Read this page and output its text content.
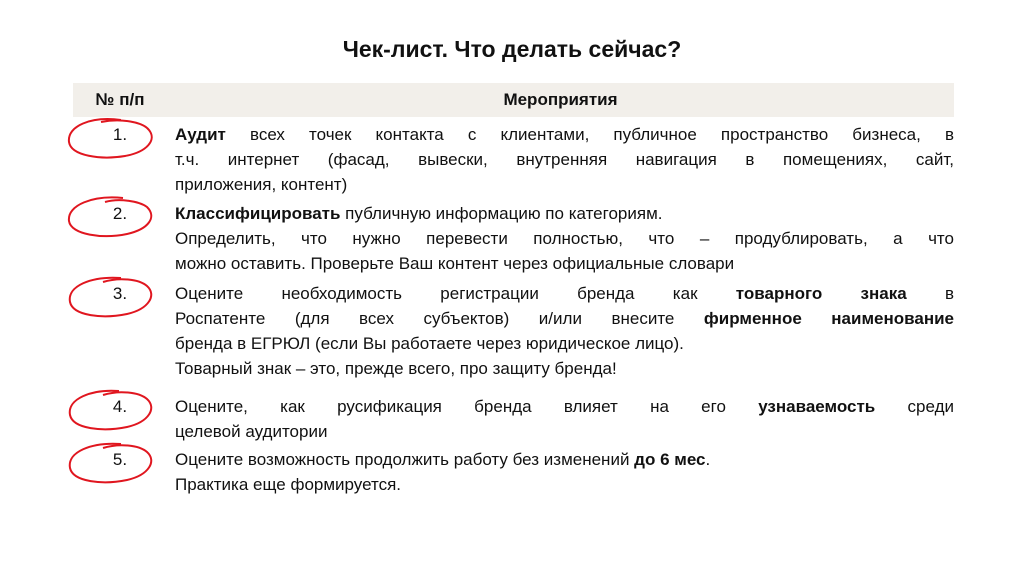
Чек-лист. Что делать сейчас?
№ п/п	Мероприятия
1.	Аудит всех точек контакта с клиентами, публичное пространство бизнеса, в
т.ч. интернет (фасад, вывески, внутренняя навигация в помещениях, сайт,
приложения, контент)
2.	Классифицировать публичную информацию по категориям.
Определить, что нужно перевести полностью, что – продублировать, а что
можно оставить. Проверьте Ваш контент через официальные словари
3.	Оцените необходимость регистрации бренда как товарного знака в
Роспатенте (для всех субъектов) и/или внесите фирменное наименование
бренда в ЕГРЮЛ (если Вы работаете через юридическое лицо).
Товарный знак – это, прежде всего, про защиту бренда!
4.	Оцените, как русификация бренда влияет на его узнаваемость среди
целевой аудитории
5.	Оцените возможность продолжить работу без изменений до 6 мес.
Практика еще формируется.
